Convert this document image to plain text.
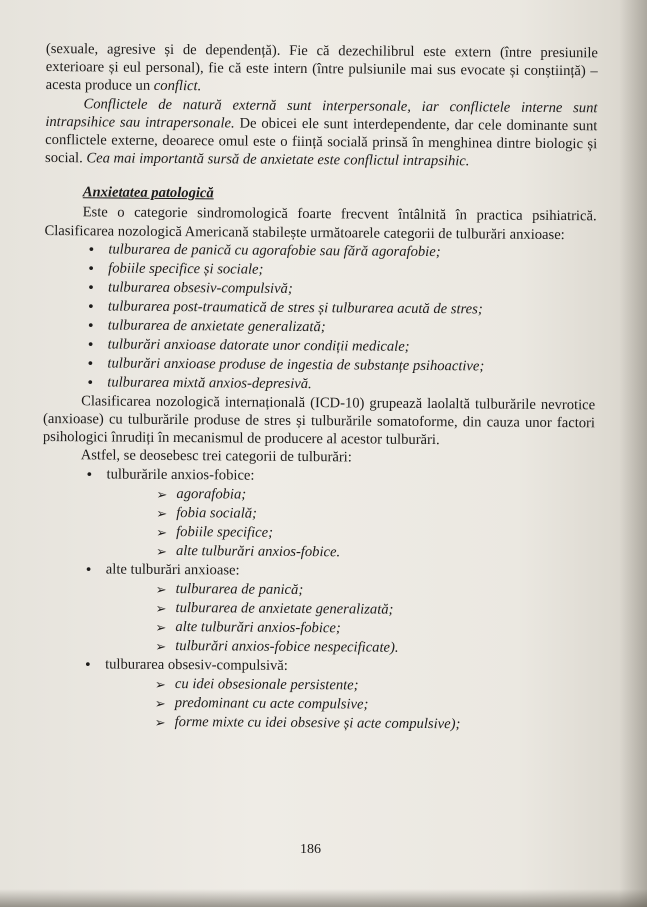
(sexuale, agresive și de dependență). Fie că dezechilibrul este extern (între presiunile exterioare și eul personal), fie că este intern (între pulsiunile mai sus evocate și conștiință) – acesta produce un conflict.

Conflictele de natură externă sunt interpersonale, iar conflictele interne sunt intrapsihice sau intrapersonale. De obicei ele sunt interdependente, dar cele dominante sunt conflictele externe, deoarece omul este o ființă socială prinsă în menghinea dintre biologic și social. Cea mai importantă sursă de anxietate este conflictul intrapsihic.

Anxietatea patologică

Este o categorie sindromologică foarte frecvent întâlnită în practica psihiatrică. Clasificarea nozologică Americană stabilește următoarele categorii de tulburări anxioase:

• tulburarea de panică cu agorafobie sau fără agorafobie;
• fobiile specifice și sociale;
• tulburarea obsesiv-compulsivă;
• tulburarea post-traumatică de stres și tulburarea acută de stres;
• tulburarea de anxietate generalizată;
• tulburări anxioase datorate unor condiții medicale;
• tulburări anxioase produse de ingestia de substanțe psihoactive;
• tulburarea mixtă anxios-depresivă.

Clasificarea nozologică internațională (ICD-10) grupează laolaltă tulburările nevrotice (anxioase) cu tulburările produse de stres și tulburările somatoforme, din cauza unor factori psihologici înrudiți în mecanismul de producere al acestor tulburări.

Astfel, se deosebesc trei categorii de tulburări:

• tulburările anxios-fobice:
➢ agorafobia;
➢ fobia socială;
➢ fobiile specifice;
➢ alte tulburări anxios-fobice.
• alte tulburări anxioase:
➢ tulburarea de panică;
➢ tulburarea de anxietate generalizată;
➢ alte tulburări anxios-fobice;
➢ tulburări anxios-fobice nespecificate).
• tulburarea obsesiv-compulsivă:
➢ cu idei obsesionale persistente;
➢ predominant cu acte compulsive;
➢ forme mixte cu idei obsesive și acte compulsive);
186
